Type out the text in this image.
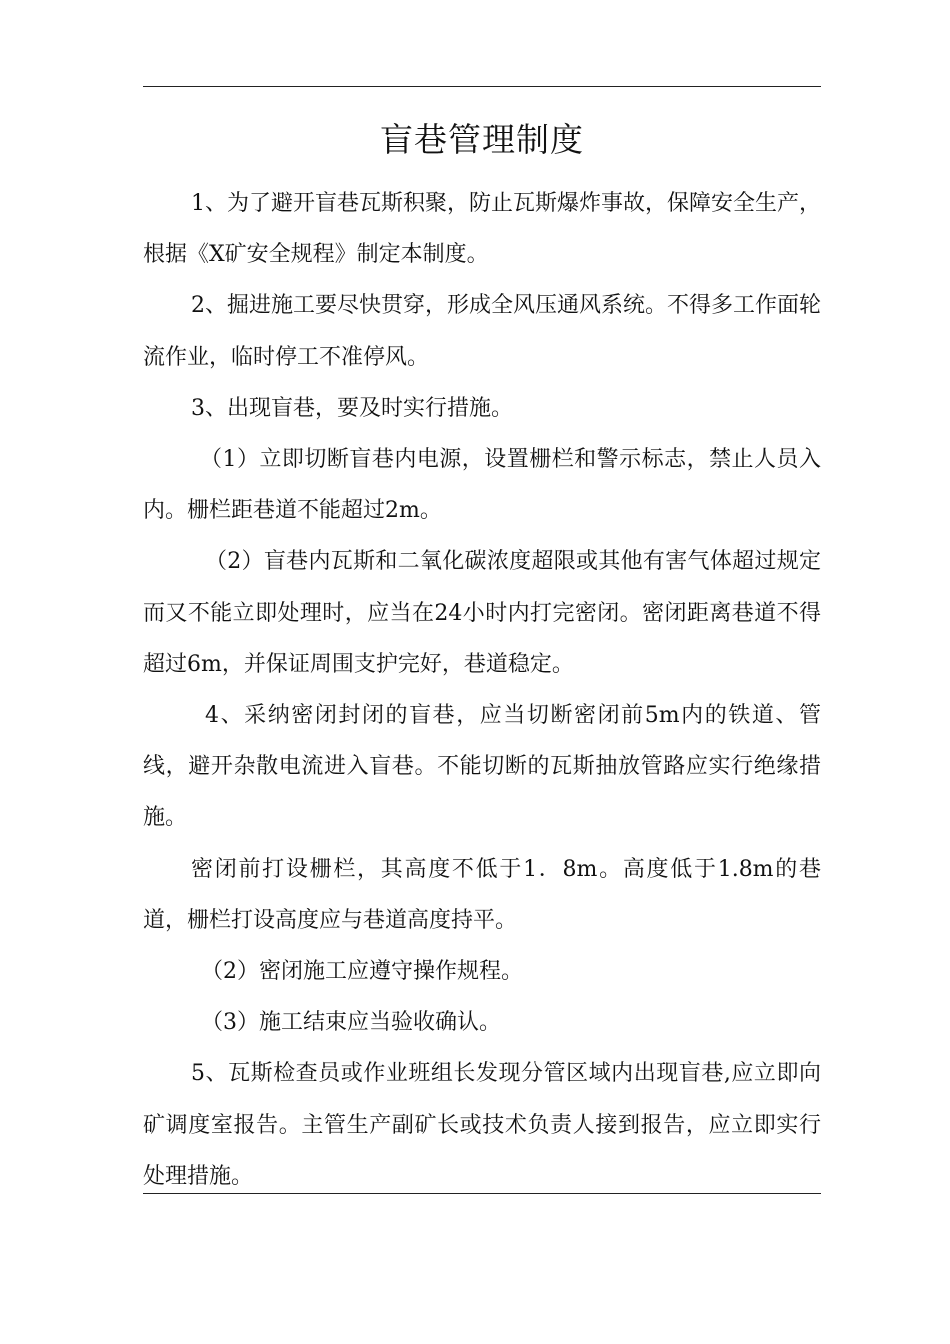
盲巷管理制度

1、为了避开盲巷瓦斯积聚，防止瓦斯爆炸事故，保障安全生产，根据《X矿安全规程》制定本制度。

2、掘进施工要尽快贯穿，形成全风压通风系统。不得多工作面轮流作业，临时停工不准停风。

3、出现盲巷，要及时实行措施。

（1）立即切断盲巷内电源，设置栅栏和警示标志，禁止人员入内。栅栏距巷道不能超过2m。

（2）盲巷内瓦斯和二氧化碳浓度超限或其他有害气体超过规定而又不能立即处理时，应当在24小时内打完密闭。密闭距离巷道不得超过6m，并保证周围支护完好，巷道稳定。

4、采纳密闭封闭的盲巷，应当切断密闭前5m内的铁道、管线，避开杂散电流进入盲巷。不能切断的瓦斯抽放管路应实行绝缘措施。

密闭前打设栅栏，其高度不低于1．8m。高度低于1.8m的巷道，栅栏打设高度应与巷道高度持平。

（2）密闭施工应遵守操作规程。

（3）施工结束应当验收确认。

5、瓦斯检查员或作业班组长发现分管区域内出现盲巷,应立即向矿调度室报告。主管生产副矿长或技术负责人接到报告，应立即实行处理措施。
